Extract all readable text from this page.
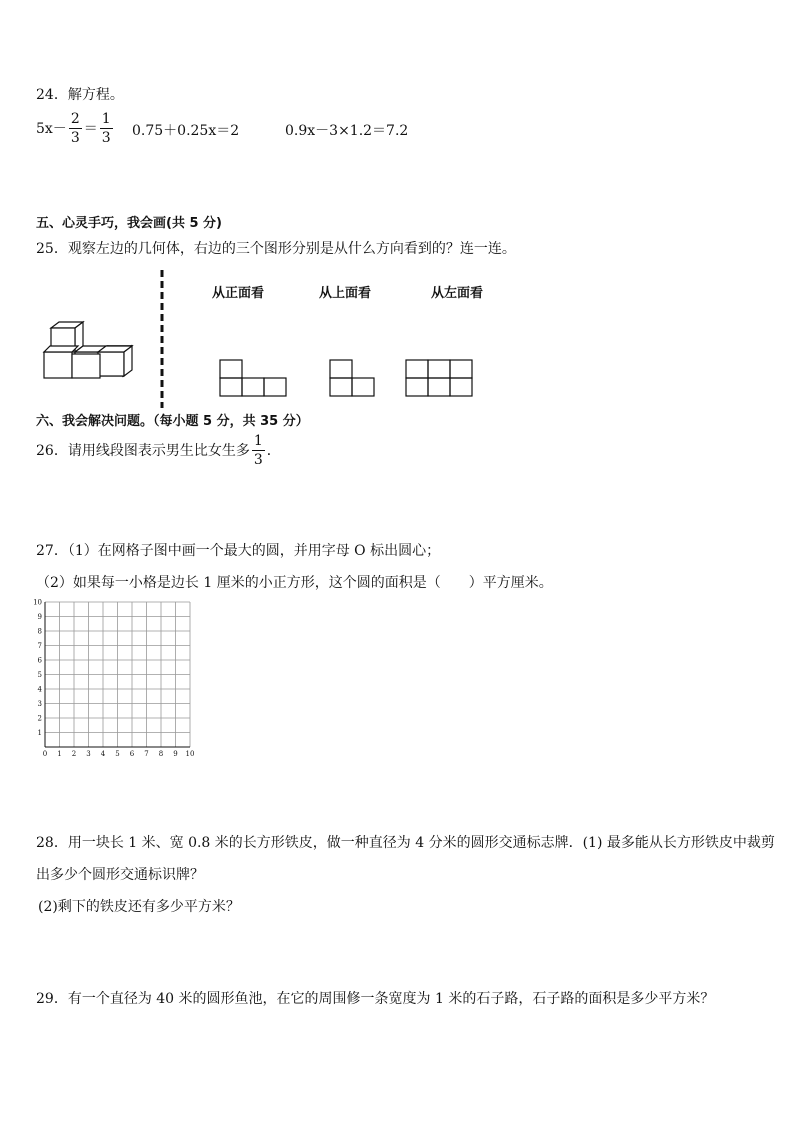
24．解方程。
$5x- \frac{2}{3} = \frac{1}{3} 0.75+0.25x=2$	0.9x－3×1.2＝7.2
五、心灵手巧，我会画(共 5 分)
25．观察左边的几何体，右边的三个图形分别是从什么方向看到的？连一连。
从正面看	从上面看	从左面看
六、我会解决问题。（每小题 5 分，共 35 分）
26．请用线段图表示男生比女生多 $\frac{1}{3}$ ．
27．（1）在网格子图中画一个最大的圆，并用字母 O 标出圆心；
（2）如果每一小格是边长 1 厘米的小正方形，这个圆的面积是（　　）平方厘米。
0 1 2 3 4 5 6 7 8 9 10
1
2
3
4
5
6
7
8
9
10
28．用一块长 1 米、宽 0.8 米的长方形铁皮，做一种直径为 4 分米的圆形交通标志牌．(1) 最多能从长方形铁皮中裁剪
出多少个圆形交通标识牌？
(2)剩下的铁皮还有多少平方米？
29．有一个直径为 40 米的圆形鱼池，在它的周围修一条宽度为 1 米的石子路，石子路的面积是多少平方米？
